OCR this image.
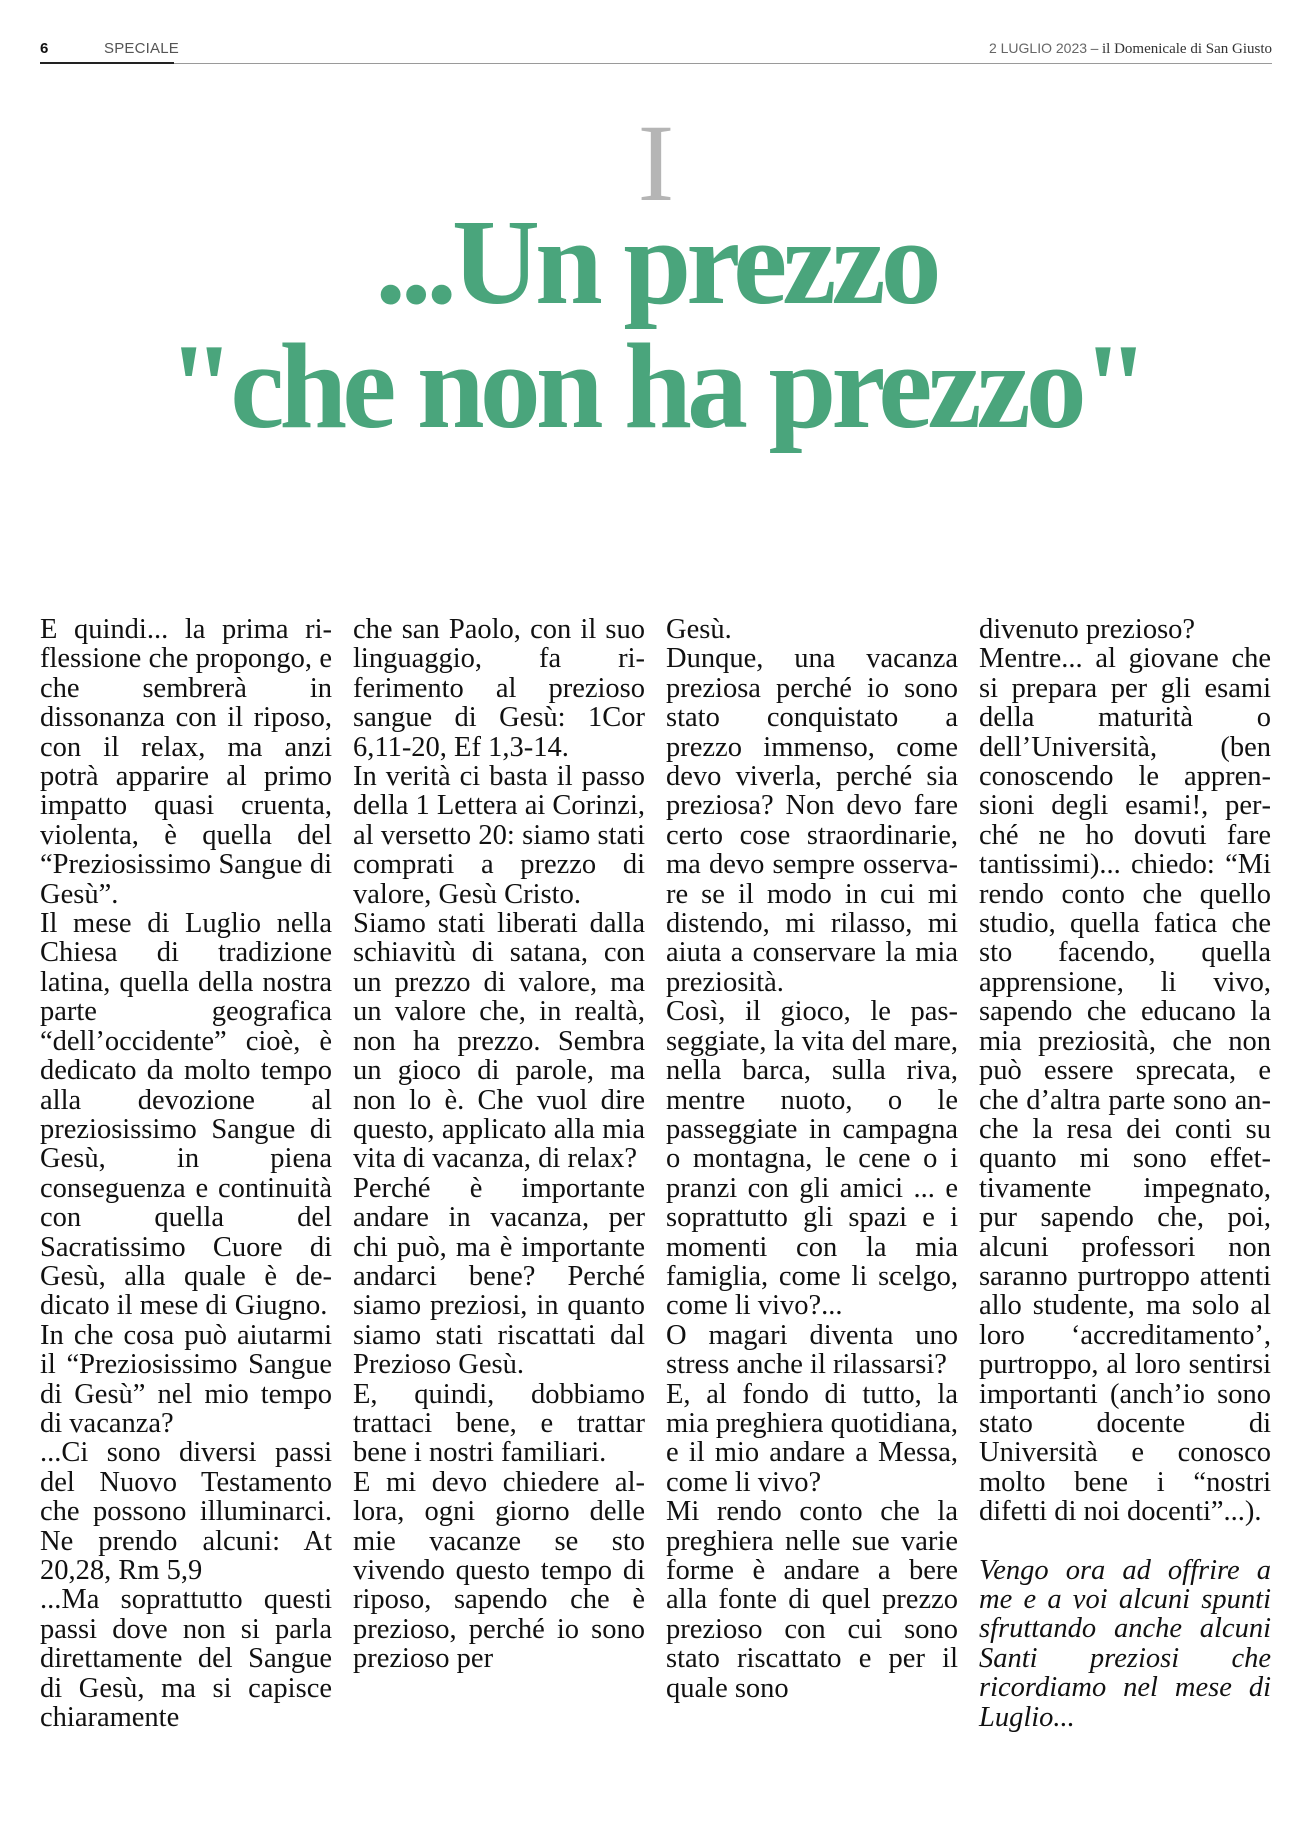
6	SPECIALE	2 LUGLIO 2023 – il Domenicale di San Giusto
I
...Un prezzo
"che non ha prezzo"

E quindi... la prima riflessione che propongo, e che sembrerà in dissonanza con il riposo, con il relax, ma anzi potrà apparire al primo impatto quasi cruenta, violenta, è quella del “Preziosissimo Sangue di Gesù”.

Il mese di Luglio nella Chiesa di tradizione latina, quella della nostra parte geografica “dell’occidente” cioè, è dedicato da molto tempo alla devozione al preziosissimo Sangue di Gesù, in piena conseguenza e continuità con quella del Sacratissimo Cuore di Gesù, alla quale è dedicato il mese di Giugno.

In che cosa può aiutarmi il “Preziosissimo Sangue di Gesù” nel mio tempo di vacanza?

...Ci sono diversi passi del Nuovo Testamento che possono illuminarci. Ne prendo alcuni: At 20,28, Rm 5,9

...Ma soprattutto questi passi dove non si parla direttamente del Sangue di Gesù, ma si capisce chiaramente

che san Paolo, con il suo linguaggio, fa riferimento al prezioso sangue di Gesù: 1Cor 6,11-20, Ef 1,3-14.

In verità ci basta il passo della 1 Lettera ai Corinzi, al versetto 20: siamo stati comprati a prezzo di valore, Gesù Cristo.

Siamo stati liberati dalla schiavitù di satana, con un prezzo di valore, ma un valore che, in realtà, non ha prezzo. Sembra un gioco di parole, ma non lo è. Che vuol dire questo, applicato alla mia vita di vacanza, di relax?

Perché è importante andare in vacanza, per chi può, ma è importante andarci bene? Perché siamo preziosi, in quanto siamo stati riscattati dal Prezioso Gesù.

E, quindi, dobbiamo trattaci bene, e trattar bene i nostri familiari.

E mi devo chiedere allora, ogni giorno delle mie vacanze se sto vivendo questo tempo di riposo, sapendo che è prezioso, perché io sono prezioso per

Gesù.

Dunque, una vacanza preziosa perché io sono stato conquistato a prezzo immenso, come devo viverla, perché sia preziosa? Non devo fare certo cose straordinarie, ma devo sempre osservare se il modo in cui mi distendo, mi rilasso, mi aiuta a conservare la mia preziosità.

Così, il gioco, le passeggiate, la vita del mare, nella barca, sulla riva, mentre nuoto, o le passeggiate in campagna o montagna, le cene o i pranzi con gli amici ... e soprattutto gli spazi e i momenti con la mia famiglia, come li scelgo, come li vivo?...

O magari diventa uno stress anche il rilassarsi?

E, al fondo di tutto, la mia preghiera quotidiana, e il mio andare a Messa, come li vivo?

Mi rendo conto che la preghiera nelle sue varie forme è andare a bere alla fonte di quel prezzo prezioso con cui sono stato riscattato e per il quale sono

divenuto prezioso?

Mentre... al giovane che si prepara per gli esami della maturità o dell’Università, (ben conoscendo le apprensioni degli esami!, perché ne ho dovuti fare tantissimi)... chiedo: “Mi rendo conto che quello studio, quella fatica che sto facendo, quella apprensione, li vivo, sapendo che educano la mia preziosità, che non può essere sprecata, e che d’altra parte sono anche la resa dei conti su quanto mi sono effettivamente impegnato, pur sapendo che, poi, alcuni professori non saranno purtroppo attenti allo studente, ma solo al loro ‘accreditamento’, purtroppo, al loro sentirsi importanti (anch’io sono stato docente di Università e conosco molto bene i “nostri difetti di noi docenti”...).

Vengo ora ad offrire a me e a voi alcuni spunti sfruttando anche alcuni Santi preziosi che ricordiamo nel mese di Luglio...
